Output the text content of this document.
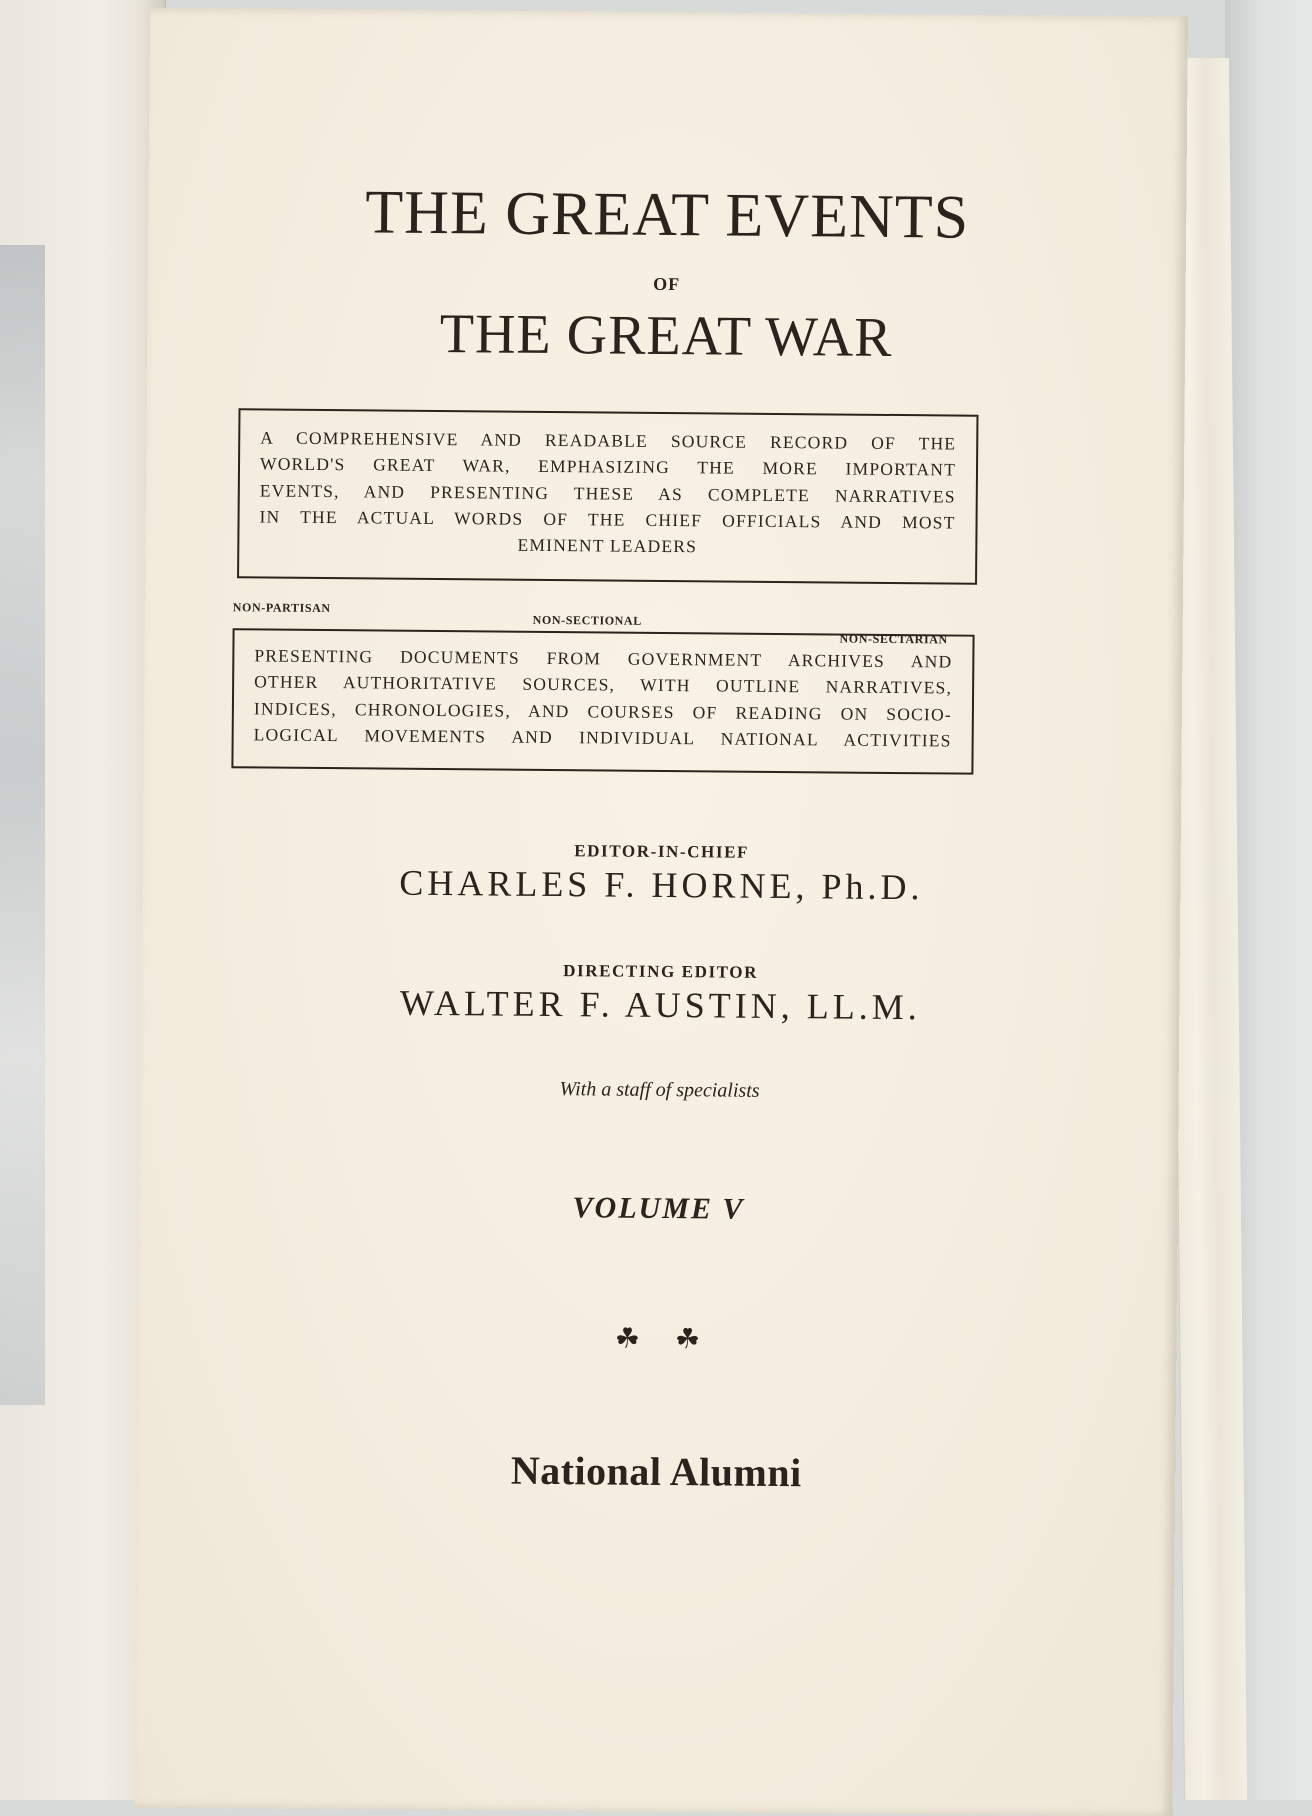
THE GREAT EVENTS
OF
THE GREAT WAR
A COMPREHENSIVE AND READABLE SOURCE RECORD OF THE
WORLD'S GREAT WAR, EMPHASIZING THE MORE IMPORTANT
EVENTS, AND PRESENTING THESE AS COMPLETE NARRATIVES
IN THE ACTUAL WORDS OF THE CHIEF OFFICIALS AND MOST
EMINENT LEADERS
NON-PARTISAN
NON-SECTIONAL
NON-SECTARIAN
PRESENTING DOCUMENTS FROM GOVERNMENT ARCHIVES AND
OTHER AUTHORITATIVE SOURCES, WITH OUTLINE NARRATIVES,
INDICES, CHRONOLOGIES, AND COURSES OF READING ON SOCIO-
LOGICAL MOVEMENTS AND INDIVIDUAL NATIONAL ACTIVITIES
EDITOR-IN-CHIEF
CHARLES F. HORNE, Ph.D.
DIRECTING EDITOR
WALTER F. AUSTIN, LL.M.
With a staff of specialists
VOLUME V
☘ ☘
National Alumni
